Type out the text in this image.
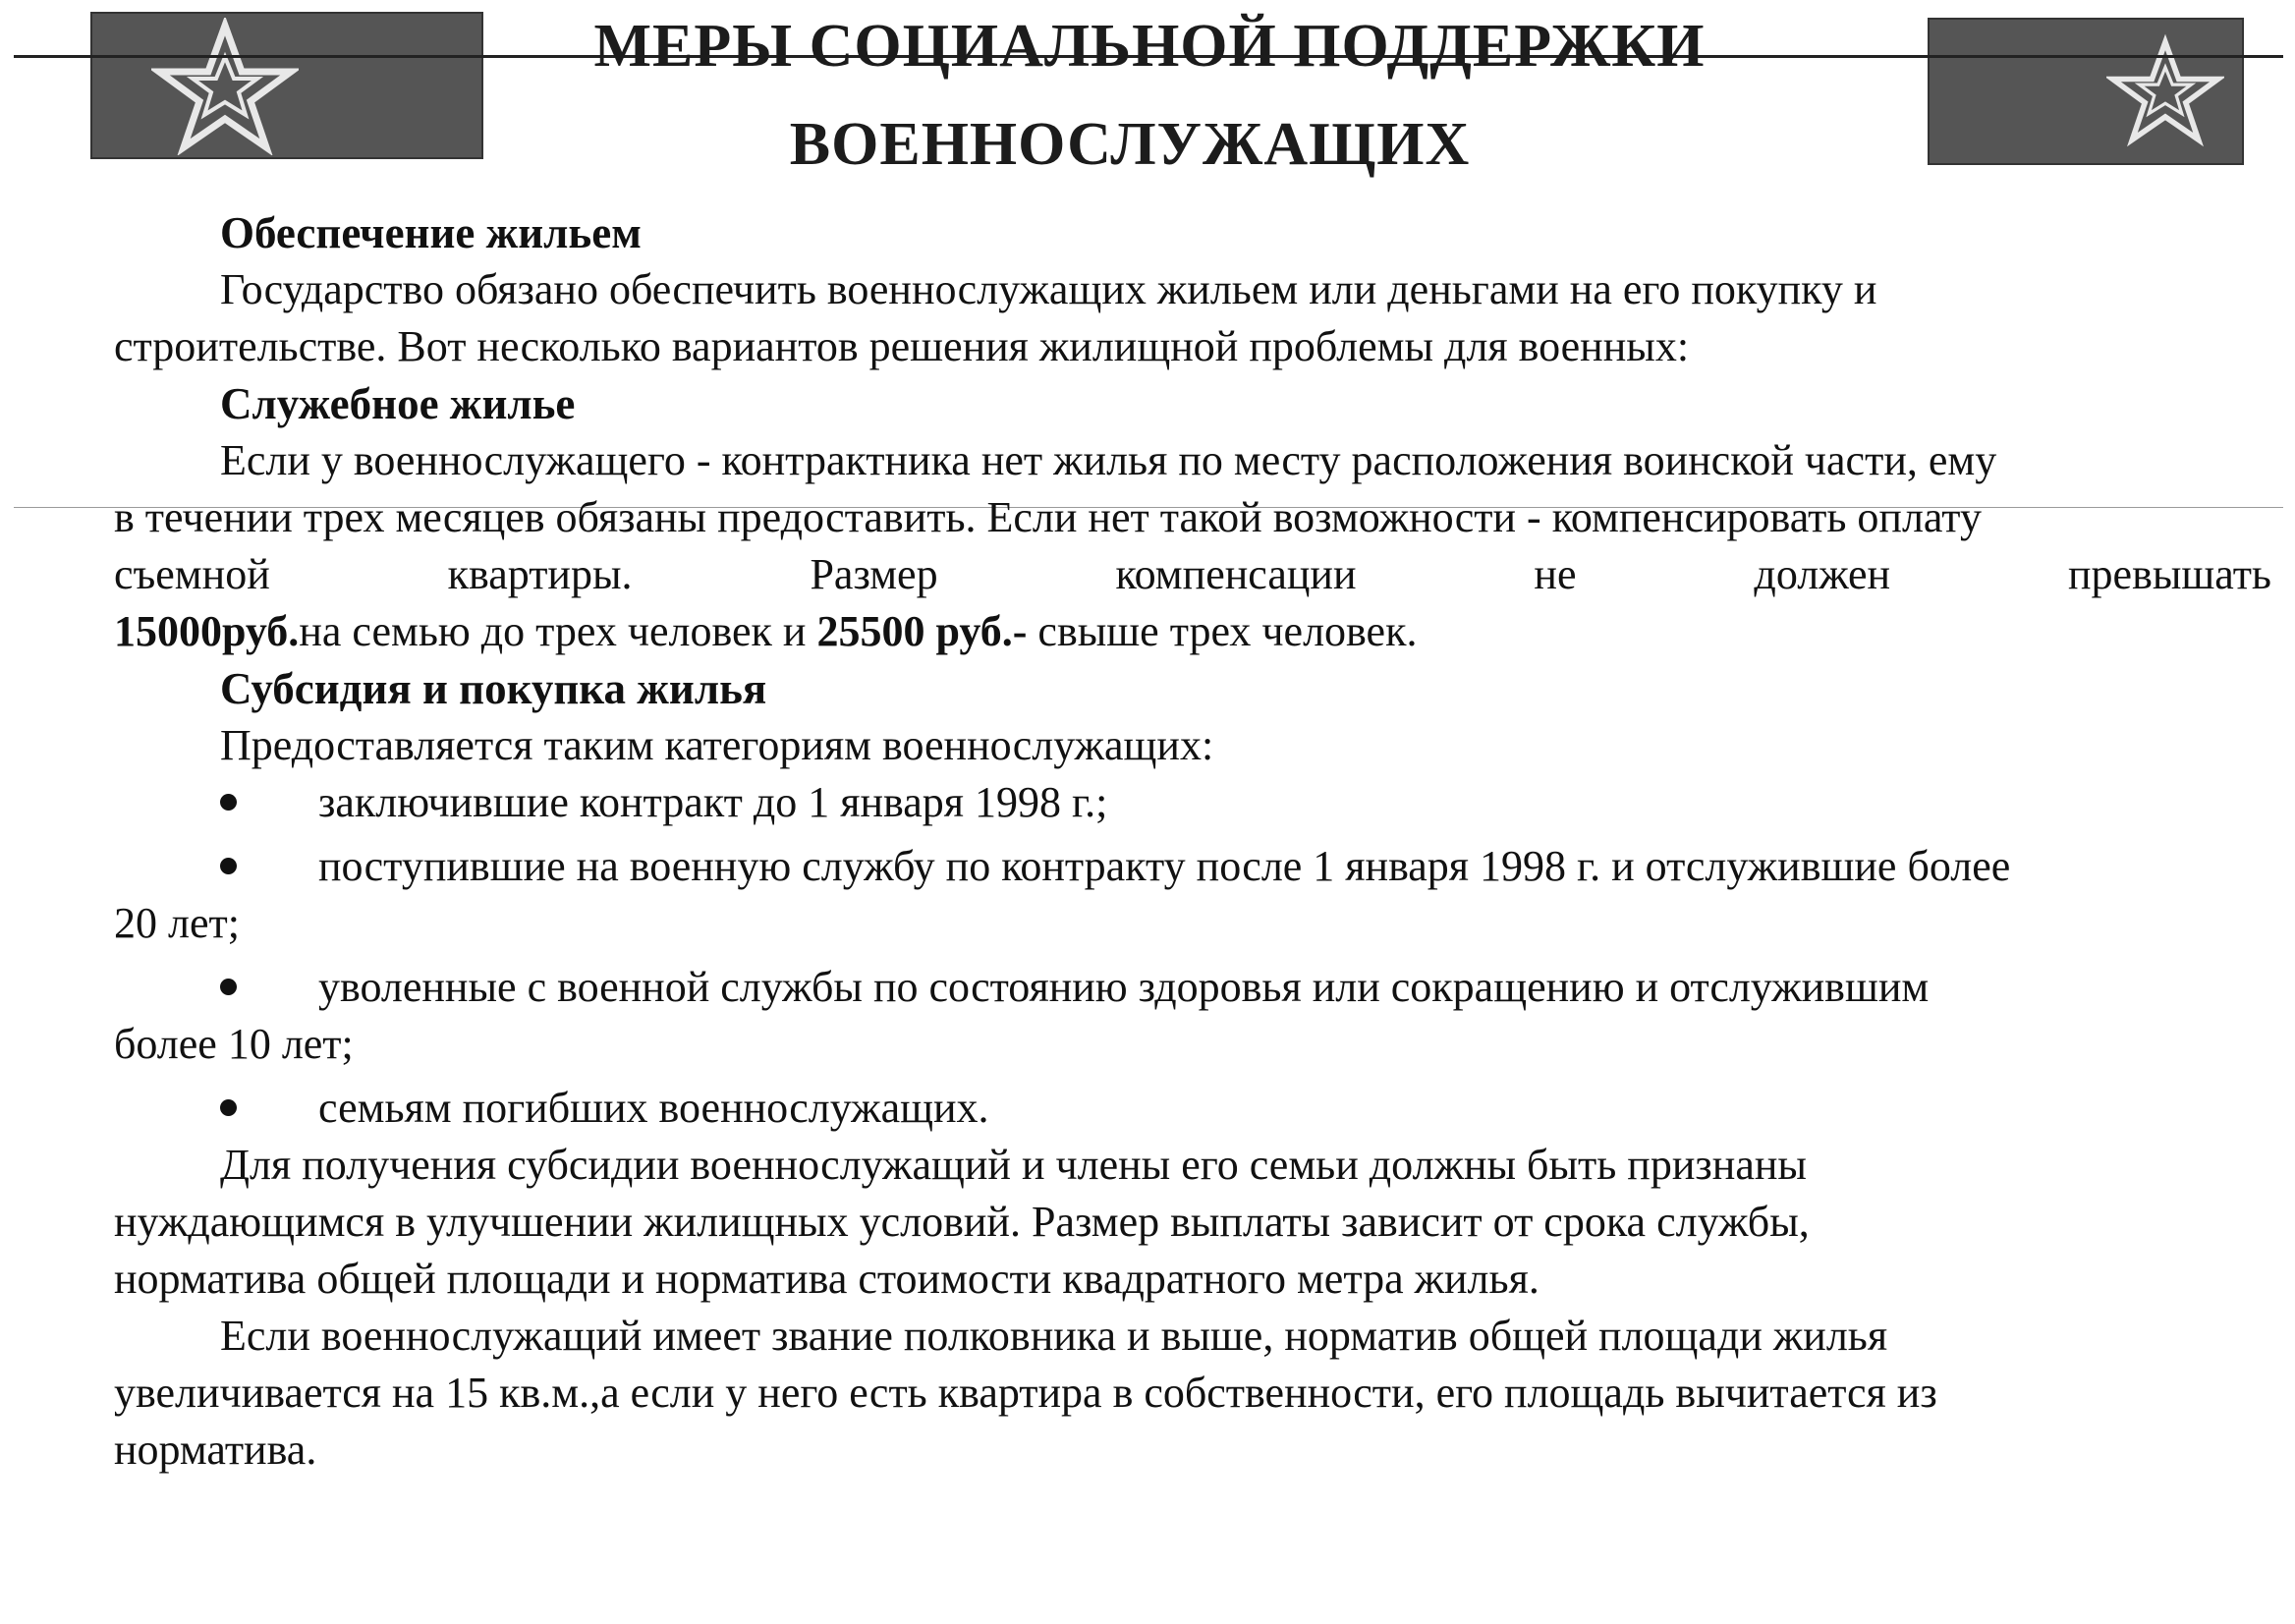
МЕРЫ СОЦИАЛЬНОЙ ПОДДЕРЖКИ
ВОЕННОСЛУЖАЩИХ
Обеспечение жильем
Государство обязано обеспечить военнослужащих жильем или деньгами на его покупку и
строительстве. Вот несколько вариантов решения жилищной проблемы для военных:
Служебное жилье
Если у военнослужащего - контрактника нет жилья по месту расположения воинской части, ему
в течении трех месяцев обязаны предоставить. Если нет такой возможности - компенсировать оплату
съемной квартиры. Размер компенсации не должен превышать
15000руб.на семью до трех человек и 25500 руб.- свыше трех человек.
Субсидия и покупка жилья
Предоставляется таким категориям военнослужащих:
заключившие контракт до 1 января 1998 г.;
поступившие на военную службу по контракту после 1 января 1998 г. и отслужившие более
20 лет;
уволенные с военной службы по состоянию здоровья или сокращению и отслужившим
более 10 лет;
семьям погибших военнослужащих.
Для получения субсидии военнослужащий и члены его семьи должны быть признаны
нуждающимся в улучшении жилищных условий. Размер выплаты зависит от срока службы,
норматива общей площади и норматива стоимости квадратного метра жилья.
Если военнослужащий имеет звание полковника и выше, норматив общей площади жилья
увеличивается на 15 кв.м.,а если у него есть квартира в собственности, его площадь вычитается из
норматива.
